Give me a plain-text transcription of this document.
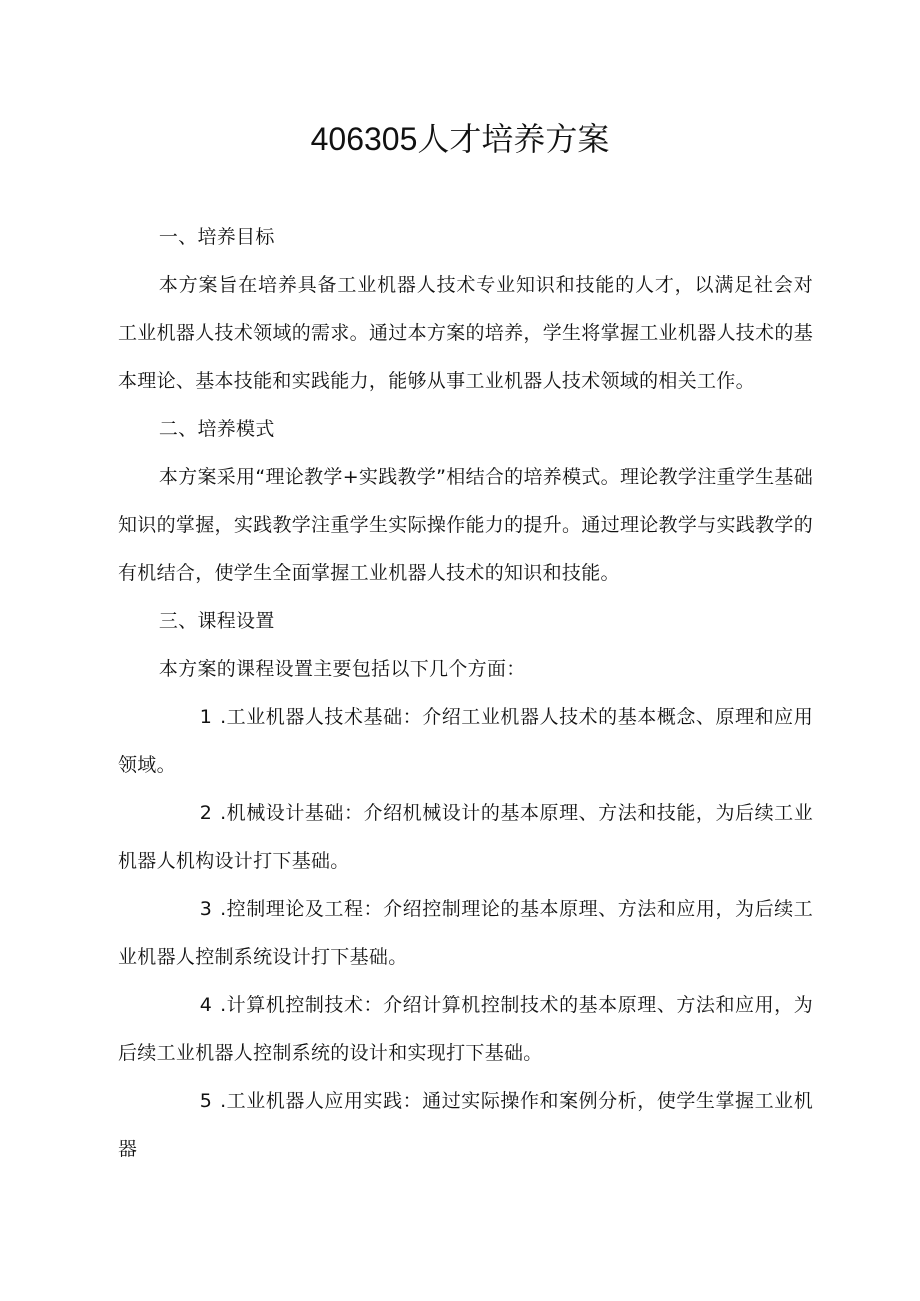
406305人才培养方案

一、培养目标

本方案旨在培养具备工业机器人技术专业知识和技能的人才，以满足社会对工业机器人技术领域的需求。通过本方案的培养，学生将掌握工业机器人技术的基本理论、基本技能和实践能力，能够从事工业机器人技术领域的相关工作。

二、培养模式

本方案采用“理论教学+实践教学”相结合的培养模式。理论教学注重学生基础知识的掌握，实践教学注重学生实际操作能力的提升。通过理论教学与实践教学的有机结合，使学生全面掌握工业机器人技术的知识和技能。

三、课程设置

本方案的课程设置主要包括以下几个方面：

1 .工业机器人技术基础：介绍工业机器人技术的基本概念、原理和应用领域。

2 .机械设计基础：介绍机械设计的基本原理、方法和技能，为后续工业机器人机构设计打下基础。

3 .控制理论及工程：介绍控制理论的基本原理、方法和应用，为后续工业机器人控制系统设计打下基础。

4 .计算机控制技术：介绍计算机控制技术的基本原理、方法和应用，为后续工业机器人控制系统的设计和实现打下基础。

5 .工业机器人应用实践：通过实际操作和案例分析，使学生掌握工业机器
